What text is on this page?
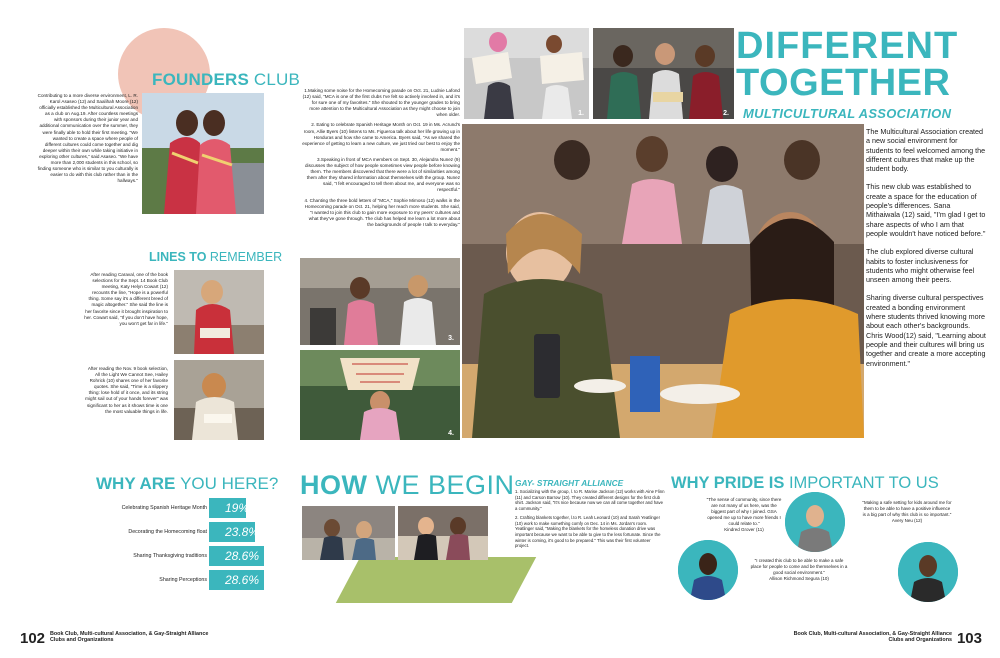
FOUNDERS CLUB
Contributing to a more diverse environment, L. R. Karol Asaseo (12) and Saalihah Moore (12) officially established the Multicultural Association as a club on Aug.19. After countless meetings with sponsors during their junior year and additional communication over the summer, they were finally able to hold their first meeting. "We wanted to create a space where people of different cultures could come together and dig deeper within their own while taking initiative in exploring other cultures," said Asaseo. "We have more than 2,000 students in this school, so finding someone who is similar to you culturally is easier to do with this club rather than in the hallways."
LINES TO REMEMBER
After reading Caraval, one of the book selections for the Sept. 14 Book Club meeting, Katy Helyn Cowart (12) recounts the line, "Hope is a powerful thing. Some say it's a different breed of magic altogether." She said the line is her favorite since it brought inspiration to her. Cowart said, "If you don't have hope, you won't get far in life."
After reading the Nov. 9 book selection, All the Light We Cannot See, Hailey Rohrick (10) shares one of her favorite quotes. She said, "Time is a slippery thing: lose hold of it once, and its string might sail out of your hands forever" was significant to her as it shows time is one the most valuable things in life.
WHY ARE YOU HERE?
Celebrating Spanish Heritage Month	19%
Decorating the Homecoming float	23.8%
Sharing Thanksgiving traditions	28.6%
Sharing Perceptions	28.6%

1.Making some noise for the Homecoming parade on Oct. 21, Ludnie Lafond (12) said, "MCA is one of the first clubs I've felt so actively involved in, and it's for sure one of my favorites." She shouted to the younger grades to bring more attention to the Multicultural Association as they might choose to join when older.

2. Eating to celebrate Spanish Heritage Month on Oct. 19 in Ms. Acrund's room, Allie Byers (10) listens to Ms. Figueroa talk about her life growing up in Honduras and how she came to America. Byers said, "As we shared the experience of getting to learn a new culture, we just tried our best to enjoy the moment."

3.Speaking in front of MCA members on Sept. 30, Alejandra Nunez (9) discusses the subject of how people sometimes view people before knowing them. The members discovered that there were a lot of similarities among them after they shared information about themselves with the group. Nunez said, "I felt encouraged to tell them about me, and everyone was so respectful."

4. Chanting the three bold letters of "MCA," Sophie Mimoso (12) walks in the Homecoming parade on Oct. 21, helping her reach more students. She said, "I wanted to join this club to gain more exposure to my peers' cultures and what they've gone through. The club has helped me learn a lot more about the backgrounds of people I talk to everyday."

3.
4.
HOW WE BEGIN
102 Book Club, Multi-cultural Association, & Gay-Straight Alliance
Clubs and Organizations
1.	2.
DIFFERENT
TOGETHER
MULTICULTURAL ASSOCIATION

The Multicultural Association created a new social environment for students to feel welcomed among the different cultures that make up the student body.

This new club was established to create a space for the education of people's differences. Sana Mithaiwala (12) said, "I'm glad I get to share aspects of who I am that people wouldn't have noticed before."

The club explored diverse cultural habits to foster inclusiveness for students who might otherwise feel unseen among their peers.

Sharing diverse cultural perspectives created a bonding environment where students thrived knowing more about each other's backgrounds. Chris Wood(12) said, "Learning about people and their cultures will bring us together and create a more accepting environment."

GAY- STRAIGHT ALLIANCE

1. Socializing with the group, l. to R. Marise Jackson (12) works with Aine Flinn (11) and Carson Barrow (10). They created different designs for the first club shirt. Jackson said, "It's nice because now we can all come together and have a community."

2. Crafting blankets together, l.to R. Leah Leonard (10) and Sarah Yeatlinger (10) work to make something comfy on Dec. 14 in Ms. Jordan's room. Yeatlinger said, "Making the blankets for the homeless donation drive was important because we want to be able to give to the less fortunate. Since the winter is coming, it's good to be prepared." This was their first volunteer project.

WHY PRIDE IS IMPORTANT TO US
"The sense of community, since there are not many of us here, was the biggest part of why I joined. GSA opened me up to have more friends I could relate to."
Kindred Grover (11)
"I created this club to be able to make a safe place for people to come and be themselves in a good social environment."
Allison Richmond Segura (10)
"Making a safe setting for kids around me for them to be able to have a positive influence is a big part of why this club is so important." Avery Neu (12)
Book Club, Multi-cultural Association, & Gay-Straight Alliance
Clubs and Organizations 103
